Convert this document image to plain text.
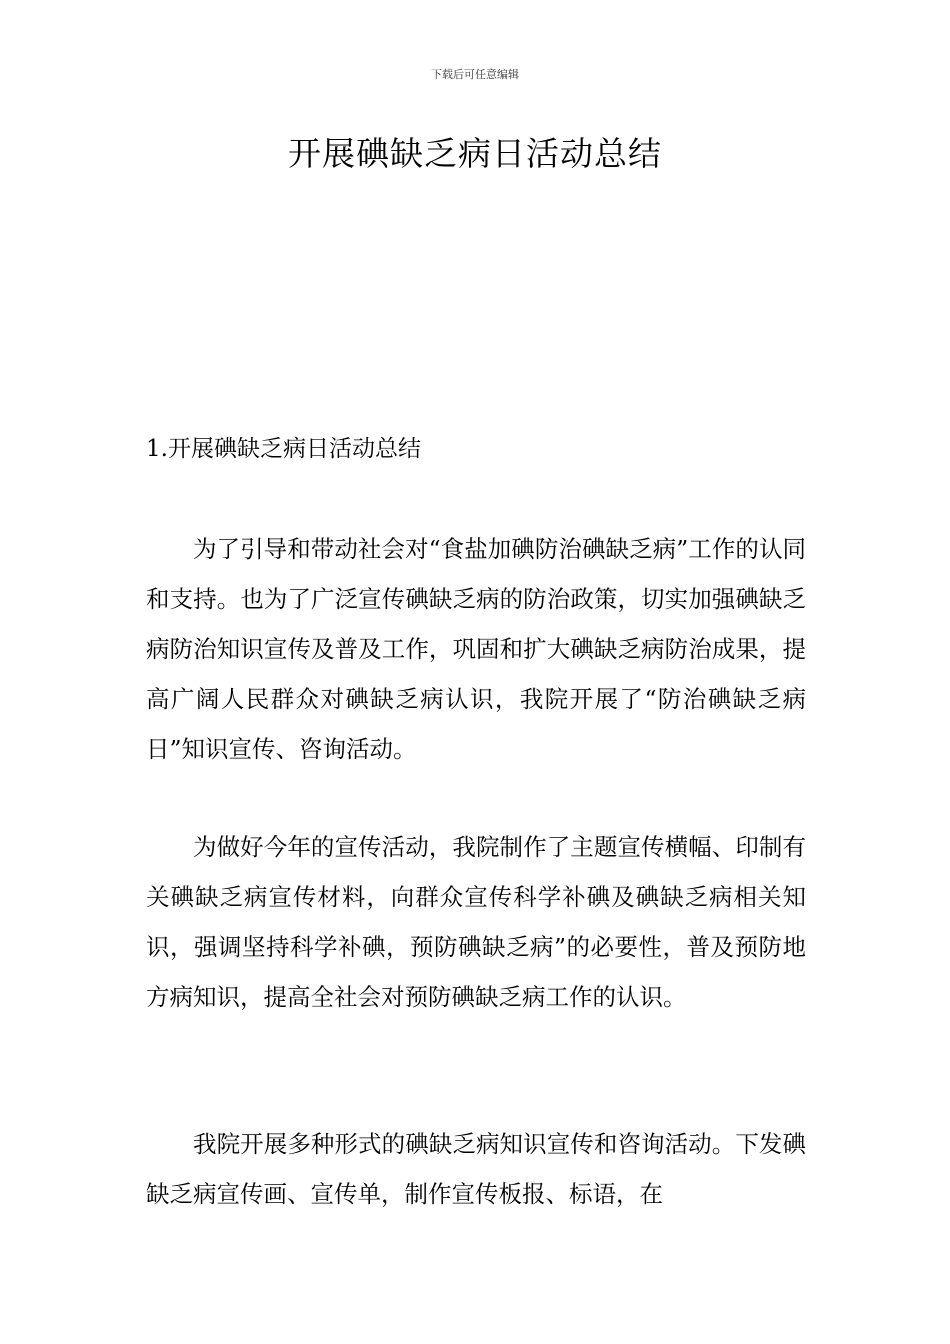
下载后可任意编辑
开展碘缺乏病日活动总结
1.开展碘缺乏病日活动总结

为了引导和带动社会对“食盐加碘防治碘缺乏病”工作的认同和支持。也为了广泛宣传碘缺乏病的防治政策，切实加强碘缺乏病防治知识宣传及普及工作，巩固和扩大碘缺乏病防治成果，提高广阔人民群众对碘缺乏病认识，我院开展了“防治碘缺乏病日”知识宣传、咨询活动。

为做好今年的宣传活动，我院制作了主题宣传横幅、印制有关碘缺乏病宣传材料，向群众宣传科学补碘及碘缺乏病相关知识，强调坚持科学补碘，预防碘缺乏病”的必要性，普及预防地方病知识，提高全社会对预防碘缺乏病工作的认识。

我院开展多种形式的碘缺乏病知识宣传和咨询活动。下发碘缺乏病宣传画、宣传单，制作宣传板报、标语，在
